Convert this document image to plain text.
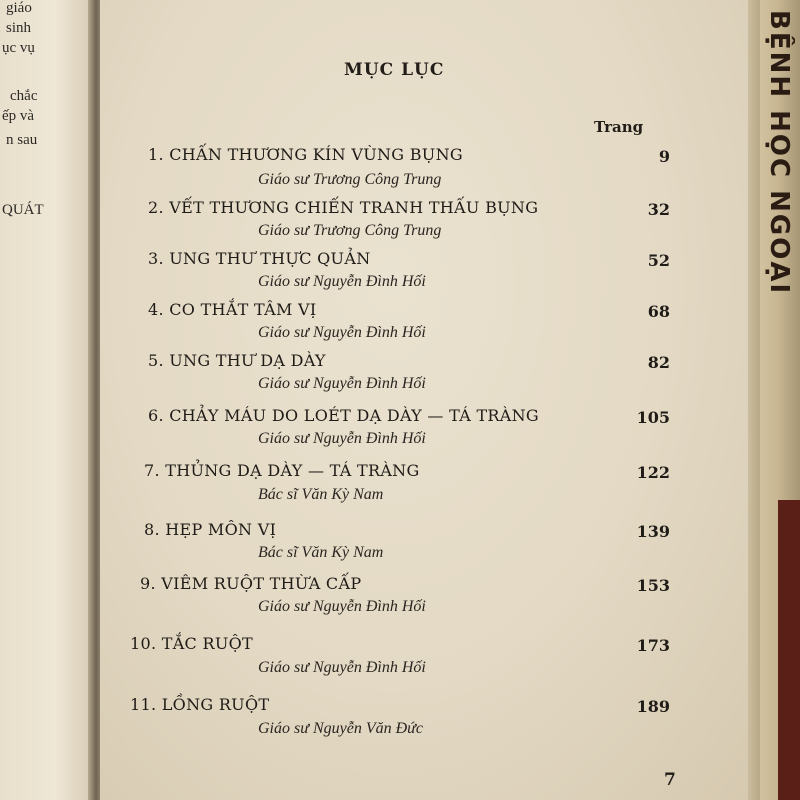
giáo
sinh
ục vụ
chắc
ếp và
n sau
QUÁT	BỆNH HỌC NGOẠI
MỤC LỤC
Trang
1. CHẤN THƯƠNG KÍN VÙNG BỤNG
Giáo sư Trương Công Trung
9
2. VẾT THƯƠNG CHIẾN TRANH THẤU BỤNG
Giáo sư Trương Công Trung
32
3. UNG THƯ THỰC QUẢN
Giáo sư Nguyễn Đình Hối
52
4. CO THẮT TÂM VỊ
Giáo sư Nguyễn Đình Hối
68
5. UNG THƯ DẠ DÀY
Giáo sư Nguyễn Đình Hối
82
6. CHẢY MÁU DO LOÉT DẠ DÀY — TÁ TRÀNG
Giáo sư Nguyễn Đình Hối
105
7. THỦNG DẠ DÀY — TÁ TRÀNG
Bác sĩ Văn Kỳ Nam
122
8. HẸP MÔN VỊ
Bác sĩ Văn Kỳ Nam
139
9. VIÊM RUỘT THỪA CẤP
Giáo sư Nguyễn Đình Hối
153
10. TẮC RUỘT
Giáo sư Nguyễn Đình Hối
173
11. LỒNG RUỘT
Giáo sư Nguyễn Văn Đức
189
7
